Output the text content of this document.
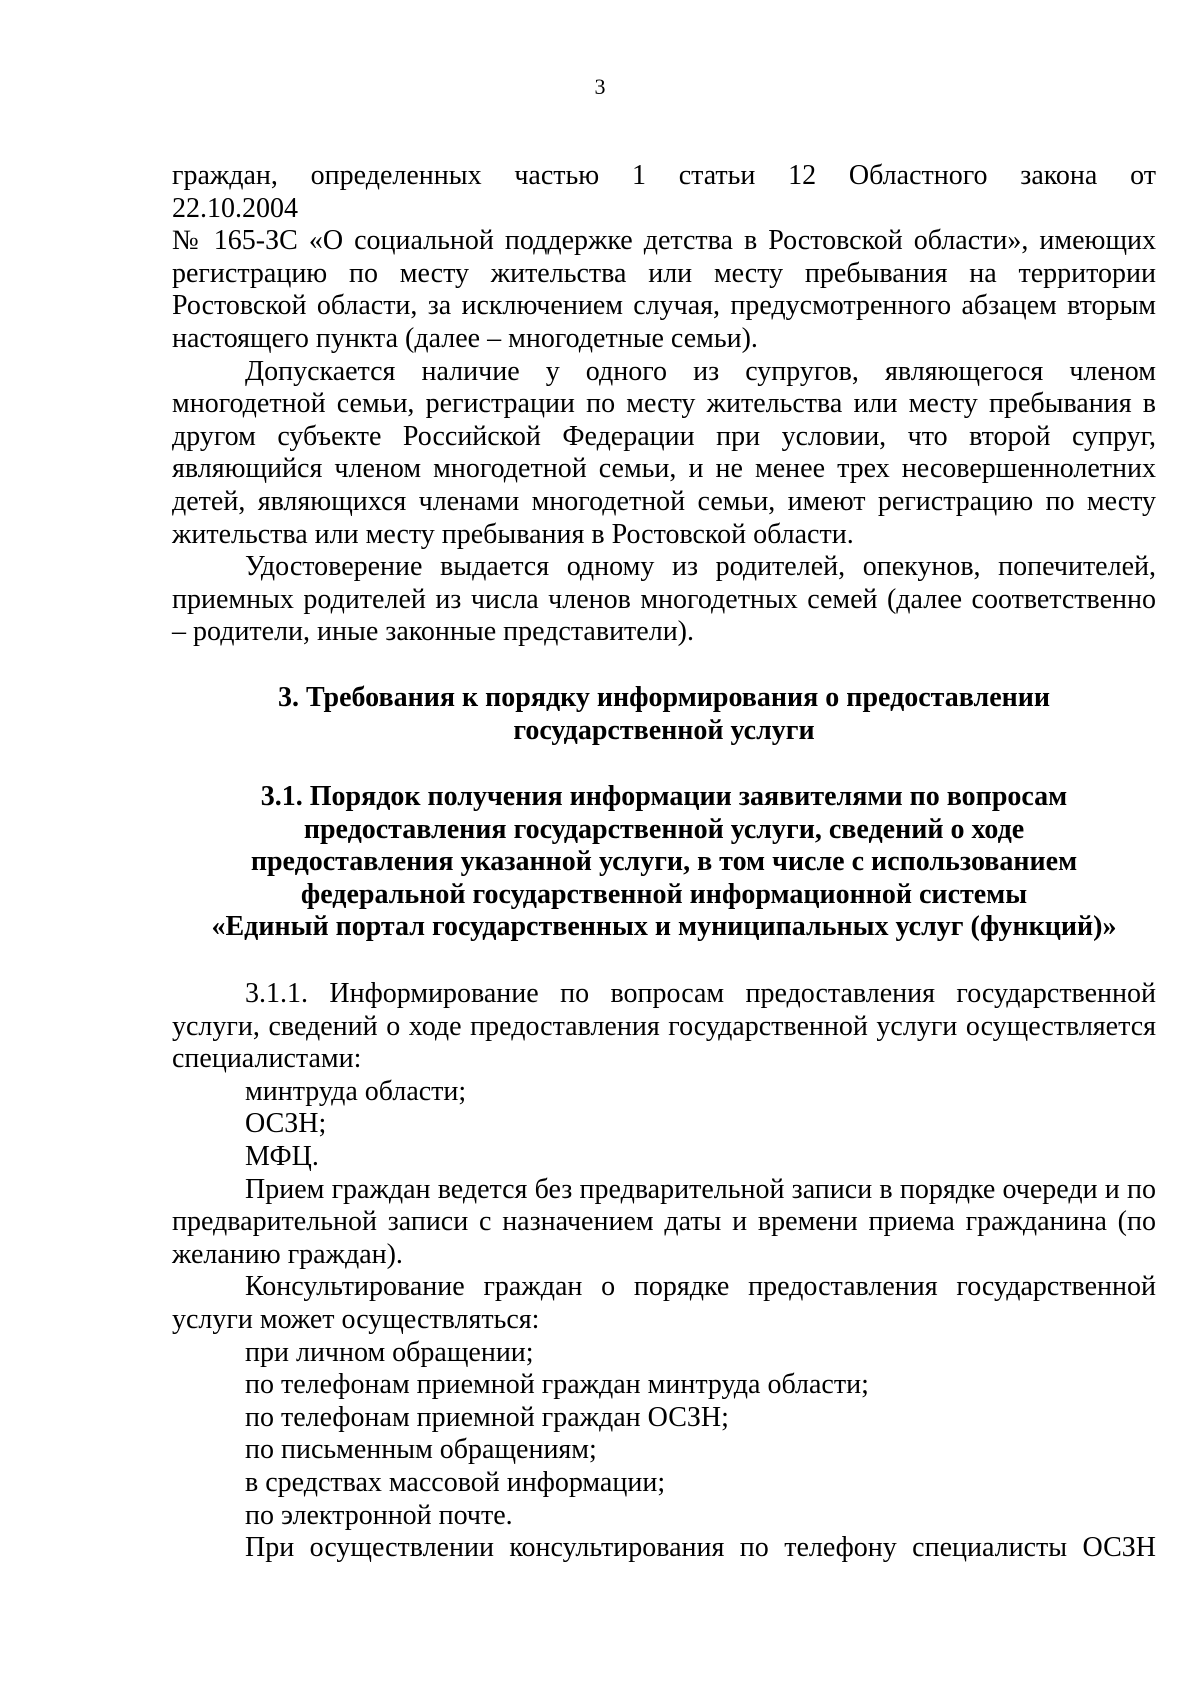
3

граждан, определенных частью 1 статьи 12 Областного закона от

22.10.2004

№ 165-ЗС «О социальной поддержке детства в Ростовской области», имеющих регистрацию по месту жительства или месту пребывания на территории Ростовской области, за исключением случая, предусмотренного абзацем вторым настоящего пункта (далее – многодетные семьи).

Допускается наличие у одного из супругов, являющегося членом многодетной семьи, регистрации по месту жительства или месту пребывания в другом субъекте Российской Федерации при условии, что второй супруг, являющийся членом многодетной семьи, и не менее трех несовершеннолетних детей, являющихся членами многодетной семьи, имеют регистрацию по месту жительства или месту пребывания в Ростовской области.

Удостоверение выдается одному из родителей, опекунов, попечителей, приемных родителей из числа членов многодетных семей (далее соответственно – родители, иные законные представители).

3. Требования к порядку информирования о предоставлении
государственной услуги
3.1. Порядок получения информации заявителями по вопросам
предоставления государственной услуги, сведений о ходе
предоставления указанной услуги, в том числе с использованием
федеральной государственной информационной системы
«Единый портал государственных и муниципальных услуг (функций)»

3.1.1. Информирование по вопросам предоставления государственной услуги, сведений о ходе предоставления государственной услуги осуществляется специалистами:

минтруда области;

ОСЗН;

МФЦ.

Прием граждан ведется без предварительной записи в порядке очереди и по предварительной записи с назначением даты и времени приема гражданина (по желанию граждан).

Консультирование граждан о порядке предоставления государственной услуги может осуществляться:

при личном обращении;

по телефонам приемной граждан минтруда области;

по телефонам приемной граждан ОСЗН;

по письменным обращениям;

в средствах массовой информации;

по электронной почте.

При осуществлении консультирования по телефону специалисты ОСЗН
